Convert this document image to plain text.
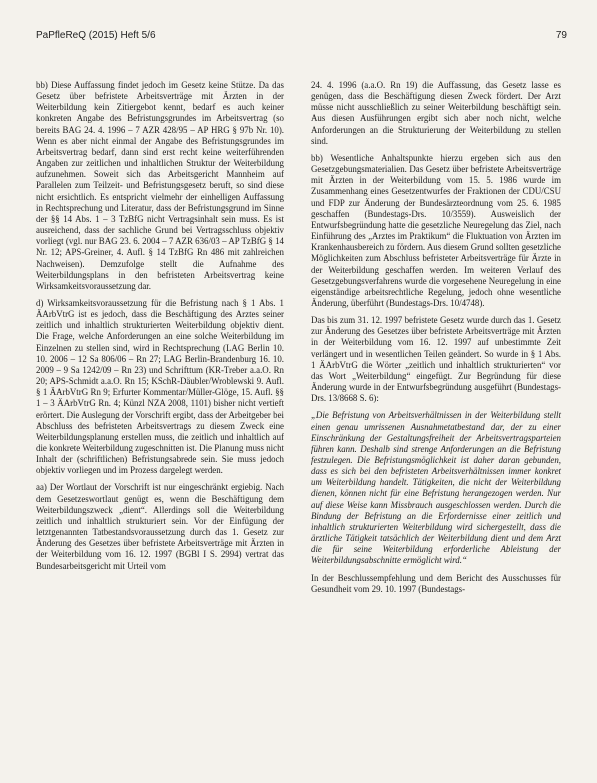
PaPfleReQ (2015) Heft 5/6	79

bb) Diese Auffassung findet jedoch im Gesetz keine Stütze. Da das Gesetz über befristete Arbeitsverträge mit Ärzten in der Weiterbildung kein Zitiergebot kennt, bedarf es auch keiner konkreten Angabe des Befristungsgrundes im Arbeitsvertrag (so bereits BAG 24. 4. 1996 – 7 AZR 428/95 – AP HRG § 97b Nr. 10). Wenn es aber nicht einmal der Angabe des Befristungsgrundes im Arbeitsvertrag bedarf, dann sind erst recht keine weiterführenden Angaben zur zeitlichen und inhaltlichen Struktur der Weiterbildung aufzunehmen. Soweit sich das Arbeitsgericht Mannheim auf Parallelen zum Teilzeit- und Befristungsgesetz beruft, so sind diese nicht ersichtlich. Es entspricht vielmehr der einhelligen Auffassung in Rechtsprechung und Literatur, dass der Befristungsgrund im Sinne der §§ 14 Abs. 1 – 3 TzBfG nicht Vertragsinhalt sein muss. Es ist ausreichend, dass der sachliche Grund bei Vertragsschluss objektiv vorliegt (vgl. nur BAG 23. 6. 2004 – 7 AZR 636/03 – AP TzBfG § 14 Nr. 12; APS-Greiner, 4. Aufl. § 14 TzBfG Rn 486 mit zahlreichen Nachweisen). Demzufolge stellt die Aufnahme des Weiterbildungsplans in den befristeten Arbeitsvertrag keine Wirksamkeitsvoraussetzung dar.

d) Wirksamkeitsvoraussetzung für die Befristung nach § 1 Abs. 1 ÄArbVtrG ist es jedoch, dass die Beschäftigung des Arztes seiner zeitlich und inhaltlich strukturierten Weiterbildung objektiv dient. Die Frage, welche Anforderungen an eine solche Weiterbildung im Einzelnen zu stellen sind, wird in Rechtsprechung (LAG Berlin 10. 10. 2006 – 12 Sa 806/06 – Rn 27; LAG Berlin-Brandenburg 16. 10. 2009 – 9 Sa 1242/09 – Rn 23) und Schrifttum (KR-Treber a.a.O. Rn 20; APS-Schmidt a.a.O. Rn 15; KSchR-Däubler/Wroblewski 9. Aufl. § 1 ÄArbVtrG Rn 9; Erfurter Kommentar/Müller-Glöge, 15. Aufl. §§ 1 – 3 ÄArbVtrG Rn. 4; Künzl NZA 2008, 1101) bisher nicht vertieft erörtert. Die Auslegung der Vorschrift ergibt, dass der Arbeitgeber bei Abschluss des befristeten Arbeitsvertrags zu diesem Zweck eine Weiterbildungsplanung erstellen muss, die zeitlich und inhaltlich auf die konkrete Weiterbildung zugeschnitten ist. Die Planung muss nicht Inhalt der (schriftlichen) Befristungsabrede sein. Sie muss jedoch objektiv vorliegen und im Prozess dargelegt werden.

aa) Der Wortlaut der Vorschrift ist nur eingeschränkt ergiebig. Nach dem Gesetzeswortlaut genügt es, wenn die Beschäftigung dem Weiterbildungszweck „dient“. Allerdings soll die Weiterbildung zeitlich und inhaltlich strukturiert sein. Vor der Einfügung der letztgenannten Tatbestandsvoraussetzung durch das 1. Gesetz zur Änderung des Gesetzes über befristete Arbeitsverträge mit Ärzten in der Weiterbildung vom 16. 12. 1997 (BGBl I S. 2994) vertrat das Bundesarbeitsgericht mit Urteil vom

24. 4. 1996 (a.a.O. Rn 19) die Auffassung, das Gesetz lasse es genügen, dass die Beschäftigung diesen Zweck fördert. Der Arzt müsse nicht ausschließlich zu seiner Weiterbildung beschäftigt sein. Aus diesen Ausführungen ergibt sich aber noch nicht, welche Anforderungen an die Strukturierung der Weiterbildung zu stellen sind.

bb) Wesentliche Anhaltspunkte hierzu ergeben sich aus den Gesetzgebungsmaterialien. Das Gesetz über befristete Arbeitsverträge mit Ärzten in der Weiterbildung vom 15. 5. 1986 wurde im Zusammenhang eines Gesetzentwurfes der Fraktionen der CDU/CSU und FDP zur Änderung der Bundesärzteordnung vom 25. 6. 1985 geschaffen (Bundestags-Drs. 10/3559). Ausweislich der Entwurfsbegründung hatte die gesetzliche Neuregelung das Ziel, nach Einführung des „Arztes im Praktikum“ die Fluktuation von Ärzten im Krankenhausbereich zu fördern. Aus diesem Grund sollten gesetzliche Möglichkeiten zum Abschluss befristeter Arbeitsverträge für Ärzte in der Weiterbildung geschaffen werden. Im weiteren Verlauf des Gesetzgebungsverfahrens wurde die vorgesehene Neuregelung in eine eigenständige arbeitsrechtliche Regelung, jedoch ohne wesentliche Änderung, überführt (Bundestags-Drs. 10/4748).

Das bis zum 31. 12. 1997 befristete Gesetz wurde durch das 1. Gesetz zur Änderung des Gesetzes über befristete Arbeitsverträge mit Ärzten in der Weiterbildung vom 16. 12. 1997 auf unbestimmte Zeit verlängert und in wesentlichen Teilen geändert. So wurde in § 1 Abs. 1 ÄArbVtrG die Wörter „zeitlich und inhaltlich strukturierten“ vor das Wort „Weiterbildung“ eingefügt. Zur Begründung für diese Änderung wurde in der Entwurfsbegründung ausgeführt (Bundestags-Drs. 13/8668 S. 6):

„Die Befristung von Arbeitsverhältnissen in der Weiterbildung stellt einen genau umrissenen Ausnahmetatbestand dar, der zu einer Einschränkung der Gestaltungsfreiheit der Arbeitsvertragsparteien führen kann. Deshalb sind strenge Anforderungen an die Befristung festzulegen. Die Befristungsmöglichkeit ist daher daran gebunden, dass es sich bei den befristeten Arbeitsverhältnissen immer konkret um Weiterbildung handelt. Tätigkeiten, die nicht der Weiterbildung dienen, können nicht für eine Befristung herangezogen werden. Nur auf diese Weise kann Missbrauch ausgeschlossen werden. Durch die Bindung der Befristung an die Erfordernisse einer zeitlich und inhaltlich strukturierten Weiterbildung wird sichergestellt, dass die ärztliche Tätigkeit tatsächlich der Weiterbildung dient und dem Arzt die für seine Weiterbildung erforderliche Ableistung der Weiterbildungsabschnitte ermöglicht wird.“

In der Beschlussempfehlung und dem Bericht des Ausschusses für Gesundheit vom 29. 10. 1997 (Bundestags-
